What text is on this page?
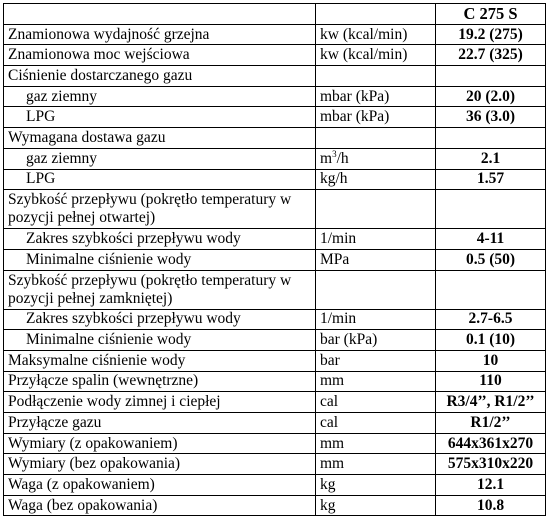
		C 275 S
Znamionowa wydajność grzejna	kw (kcal/min)	19.2 (275)
Znamionowa moc wejściowa	kw (kcal/min)	22.7 (325)
Ciśnienie dostarczanego gazu		
gaz ziemny	mbar (kPa)	20 (2.0)
LPG	mbar (kPa)	36 (3.0)
Wymagana dostawa gazu		
gaz ziemny	$m^3/h$	2.1
LPG	kg/h	1.57
Szybkość przepływu (pokrętło temperatury w pozycji pełnej otwartej)		
Zakres szybkości przepływu wody	1/min	4-11
Minimalne ciśnienie wody	MPa	0.5 (50)
Szybkość przepływu (pokrętło temperatury w pozycji pełnej zamkniętej)		
Zakres szybkości przepływu wody	1/min	2.7-6.5
Minimalne ciśnienie wody	bar (kPa)	0.1 (10)
Maksymalne ciśnienie wody	bar	10
Przyłącze spalin (wewnętrzne)	mm	110
Podłączenie wody zimnej i ciepłej	cal	R3/4’’, R1/2’’
Przyłącze gazu	cal	R1/2’’
Wymiary (z opakowaniem)	mm	644x361x270
Wymiary (bez opakowania)	mm	575x310x220
Waga (z opakowaniem)	kg	12.1
Waga (bez opakowania)	kg	10.8
